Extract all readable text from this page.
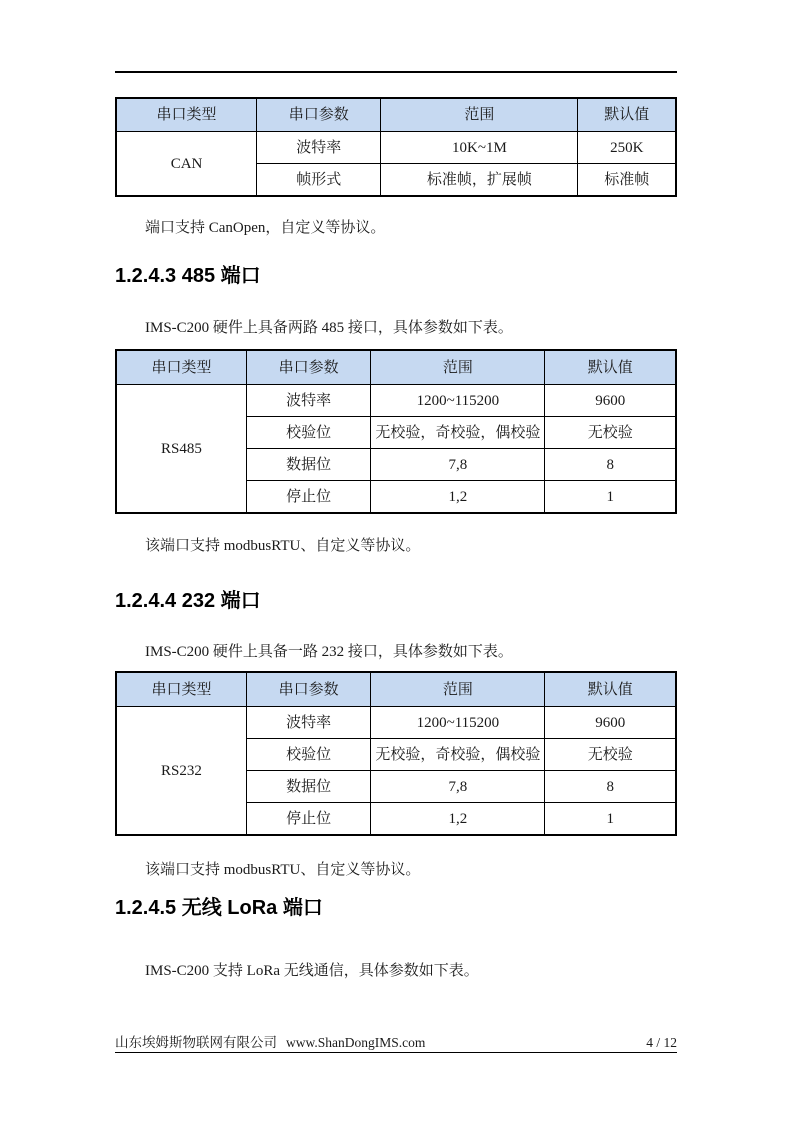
串口类型	串口参数	范围	默认值
CAN	波特率	10K~1M	250K
	帧形式	标准帧，扩展帧	标准帧

端口支持 CanOpen，自定义等协议。

1.2.4.3 485 端口

IMS-C200 硬件上具备两路 485 接口，具体参数如下表。

串口类型	串口参数	范围	默认值
RS485	波特率	1200~115200	9600
	校验位	无校验，奇校验，偶校验	无校验
	数据位	7,8	8
	停止位	1,2	1

该端口支持 modbusRTU、自定义等协议。

1.2.4.4 232 端口

IMS-C200 硬件上具备一路 232 接口，具体参数如下表。

串口类型	串口参数	范围	默认值
RS232	波特率	1200~115200	9600
	校验位	无校验，奇校验，偶校验	无校验
	数据位	7,8	8
	停止位	1,2	1

该端口支持 modbusRTU、自定义等协议。

1.2.4.5 无线 LoRa 端口

IMS-C200 支持 LoRa 无线通信，具体参数如下表。

山东埃姆斯物联网有限公司 www.ShanDongIMS.com	4 / 12
